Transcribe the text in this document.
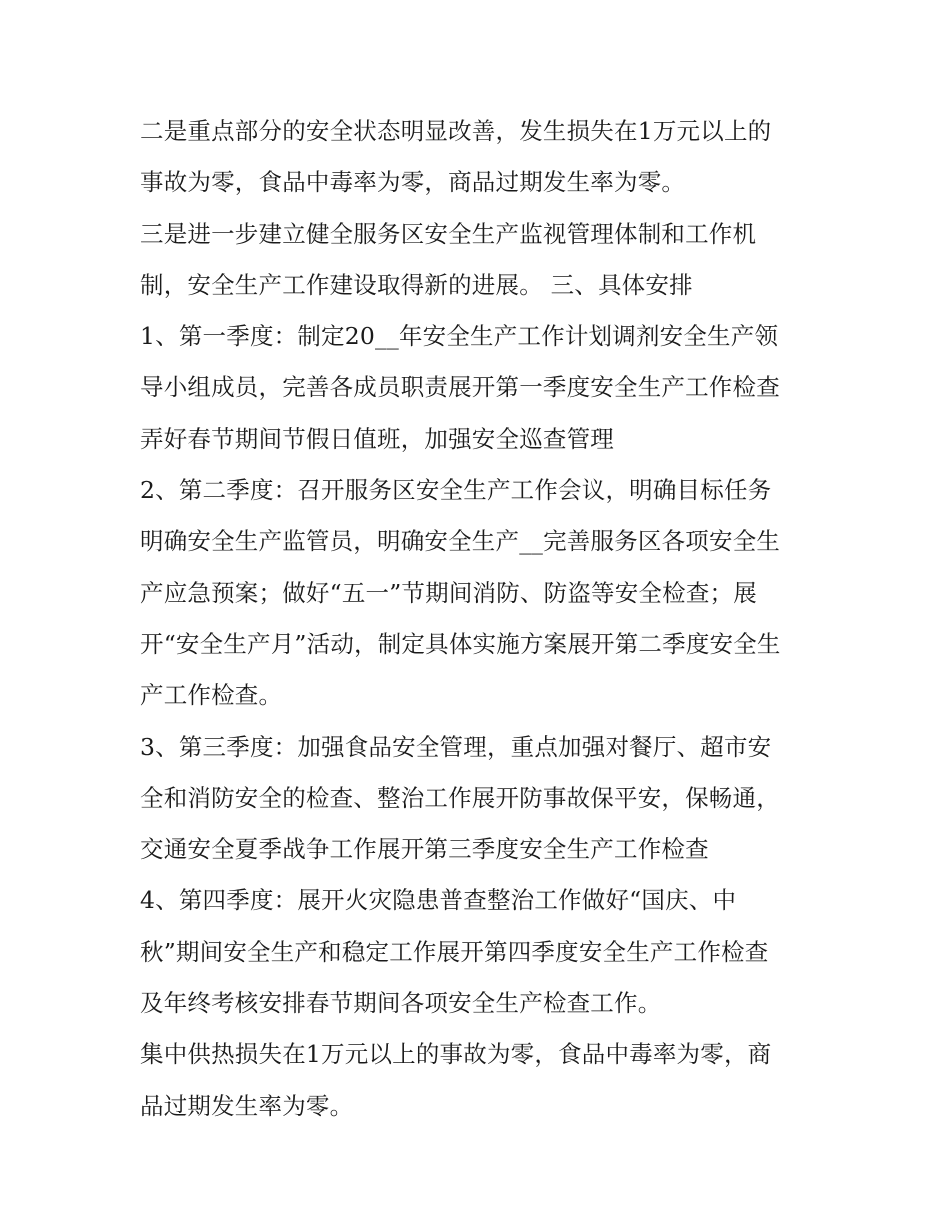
二是重点部分的安全状态明显改善，发生损失在1万元以上的
事故为零，食品中毒率为零，商品过期发生率为零。
三是进一步建立健全服务区安全生产监视管理体制和工作机
制，安全生产工作建设取得新的进展。 三、具体安排
1、第一季度：制定20__年安全生产工作计划调剂安全生产领
导小组成员，完善各成员职责展开第一季度安全生产工作检查
弄好春节期间节假日值班，加强安全巡查管理
2、第二季度：召开服务区安全生产工作会议，明确目标任务
明确安全生产监管员，明确安全生产__完善服务区各项安全生
产应急预案；做好“五一”节期间消防、防盗等安全检查；展
开“安全生产月”活动，制定具体实施方案展开第二季度安全生
产工作检查。
3、第三季度：加强食品安全管理，重点加强对餐厅、超市安
全和消防安全的检查、整治工作展开防事故保平安，保畅通，
交通安全夏季战争工作展开第三季度安全生产工作检查
4、第四季度：展开火灾隐患普查整治工作做好“国庆、中
秋”期间安全生产和稳定工作展开第四季度安全生产工作检查
及年终考核安排春节期间各项安全生产检查工作。
集中供热损失在1万元以上的事故为零，食品中毒率为零，商
品过期发生率为零。
